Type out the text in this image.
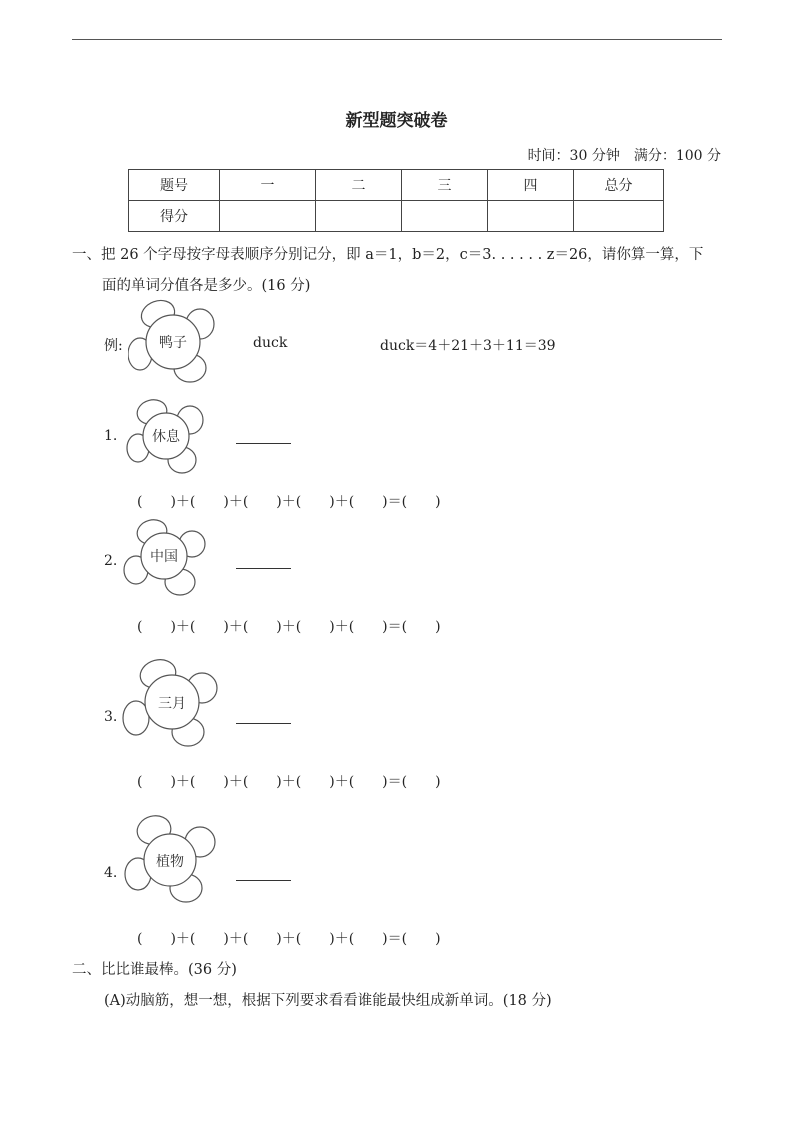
新型题突破卷
时间：30 分钟　满分：100 分
题号	一	二	三	四	总分
得分					
一、把 26 个字母按字母表顺序分别记分，即 a＝1，b＝2，c＝3. . . . . . z＝26，请你算一算，下
面的单词分值各是多少。(16 分)
例:	鸭子	duck	duck＝4＋21＋3＋11＝39
1. 休息
(　　)＋(　　)＋(　　)＋(　　)＋(　　)＝(　　)
2. 中国
(　　)＋(　　)＋(　　)＋(　　)＋(　　)＝(　　)
3.
三月
(　　)＋(　　)＋(　　)＋(　　)＋(　　)＝(　　)
4.
植物
(　　)＋(　　)＋(　　)＋(　　)＋(　　)＝(　　)
二、比比谁最棒。(36 分)
(A)动脑筋，想一想，根据下列要求看看谁能最快组成新单词。(18 分)
